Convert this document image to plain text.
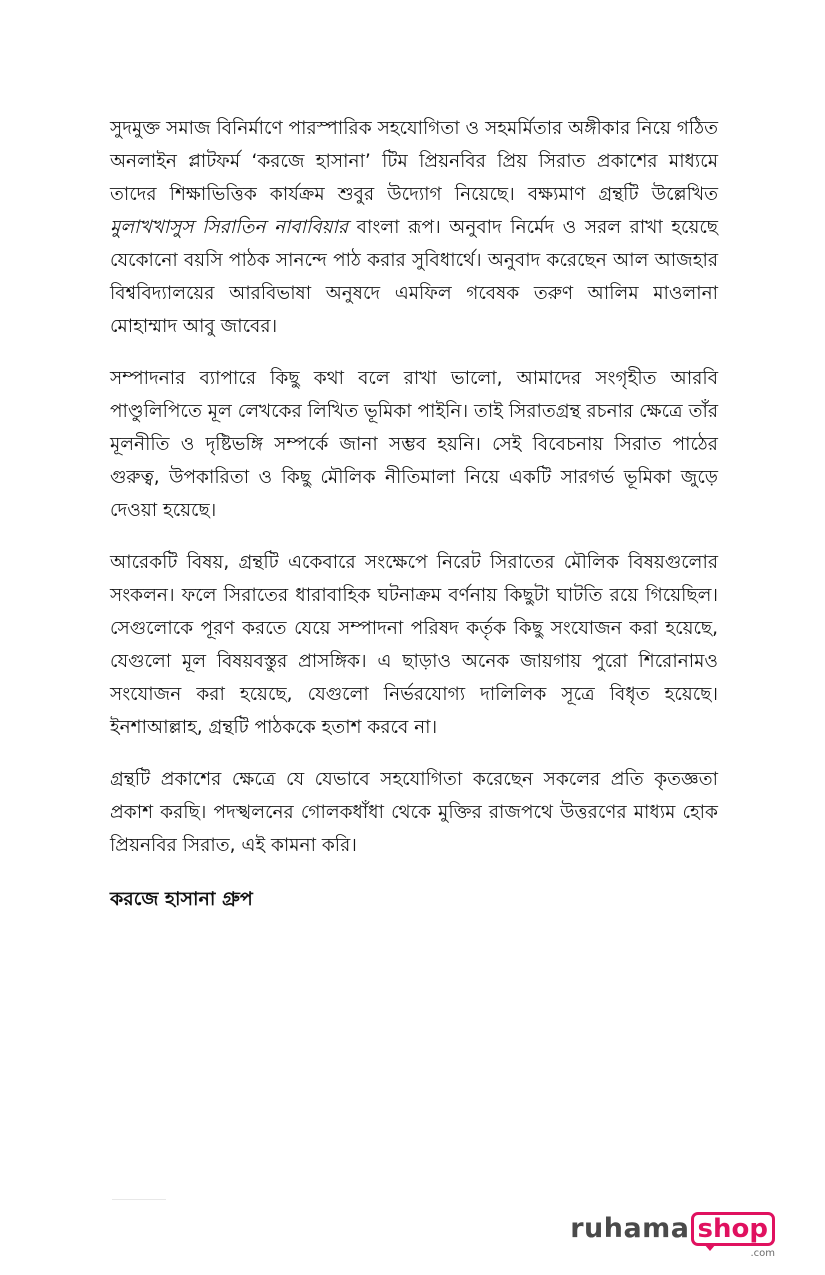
সুদমুক্ত সমাজ বিনির্মাণে পারস্পারিক সহযোগিতা ও সহমর্মিতার অঙ্গীকার নিয়ে গঠিত অনলাইন প্লাটফর্ম ‘করজে হাসানা’ টিম প্রিয়নবির প্রিয় সিরাত প্রকাশের মাধ্যমে তাদের শিক্ষাভিত্তিক কার্যক্রম শুবুর উদ্যোগ নিয়েছে। বক্ষ্যমাণ গ্রন্থটি উল্লেখিত মুলাখখাসুস সিরাতিন নাবাবিয়ার বাংলা রূপ। অনুবাদ নির্মেদ ও সরল রাখা হয়েছে যেকোনো বয়সি পাঠক সানন্দে পাঠ করার সুবিধার্থে। অনুবাদ করেছেন আল আজহার বিশ্ববিদ্যালয়ের আরবিভাষা অনুষদে এমফিল গবেষক তরুণ আলিম মাওলানা মোহাম্মাদ আবু জাবের।

সম্পাদনার ব্যাপারে কিছু কথা বলে রাখা ভালো, আমাদের সংগৃহীত আরবি পাণ্ডুলিপিতে মূল লেখকের লিখিত ভূমিকা পাইনি। তাই সিরাতগ্রন্থ রচনার ক্ষেত্রে তাঁর মূলনীতি ও দৃষ্টিভঙ্গি সম্পর্কে জানা সম্ভব হয়নি। সেই বিবেচনায় সিরাত পাঠের গুরুত্ব, উপকারিতা ও কিছু মৌলিক নীতিমালা নিয়ে একটি সারগর্ভ ভূমিকা জুড়ে দেওয়া হয়েছে।

আরেকটি বিষয়, গ্রন্থটি একেবারে সংক্ষেপে নিরেট সিরাতের মৌলিক বিষয়গুলোর সংকলন। ফলে সিরাতের ধারাবাহিক ঘটনাক্রম বর্ণনায় কিছুটা ঘাটতি রয়ে গিয়েছিল। সেগুলোকে পূরণ করতে যেয়ে সম্পাদনা পরিষদ কর্তৃক কিছু সংযোজন করা হয়েছে, যেগুলো মূল বিষয়বস্তুর প্রাসঙ্গিক। এ ছাড়াও অনেক জায়গায় পুরো শিরোনামও সংযোজন করা হয়েছে, যেগুলো নির্ভরযোগ্য দালিলিক সূত্রে বিধৃত হয়েছে। ইনশাআল্লাহ, গ্রন্থটি পাঠককে হতাশ করবে না।

গ্রন্থটি প্রকাশের ক্ষেত্রে যে যেভাবে সহযোগিতা করেছেন সকলের প্রতি কৃতজ্ঞতা প্রকাশ করছি। পদস্খলনের গোলকধাঁধা থেকে মুক্তির রাজপথে উত্তরণের মাধ্যম হোক প্রিয়নবির সিরাত, এই কামনা করি।

করজে হাসানা গ্রুপ

ruhama shop
.com
